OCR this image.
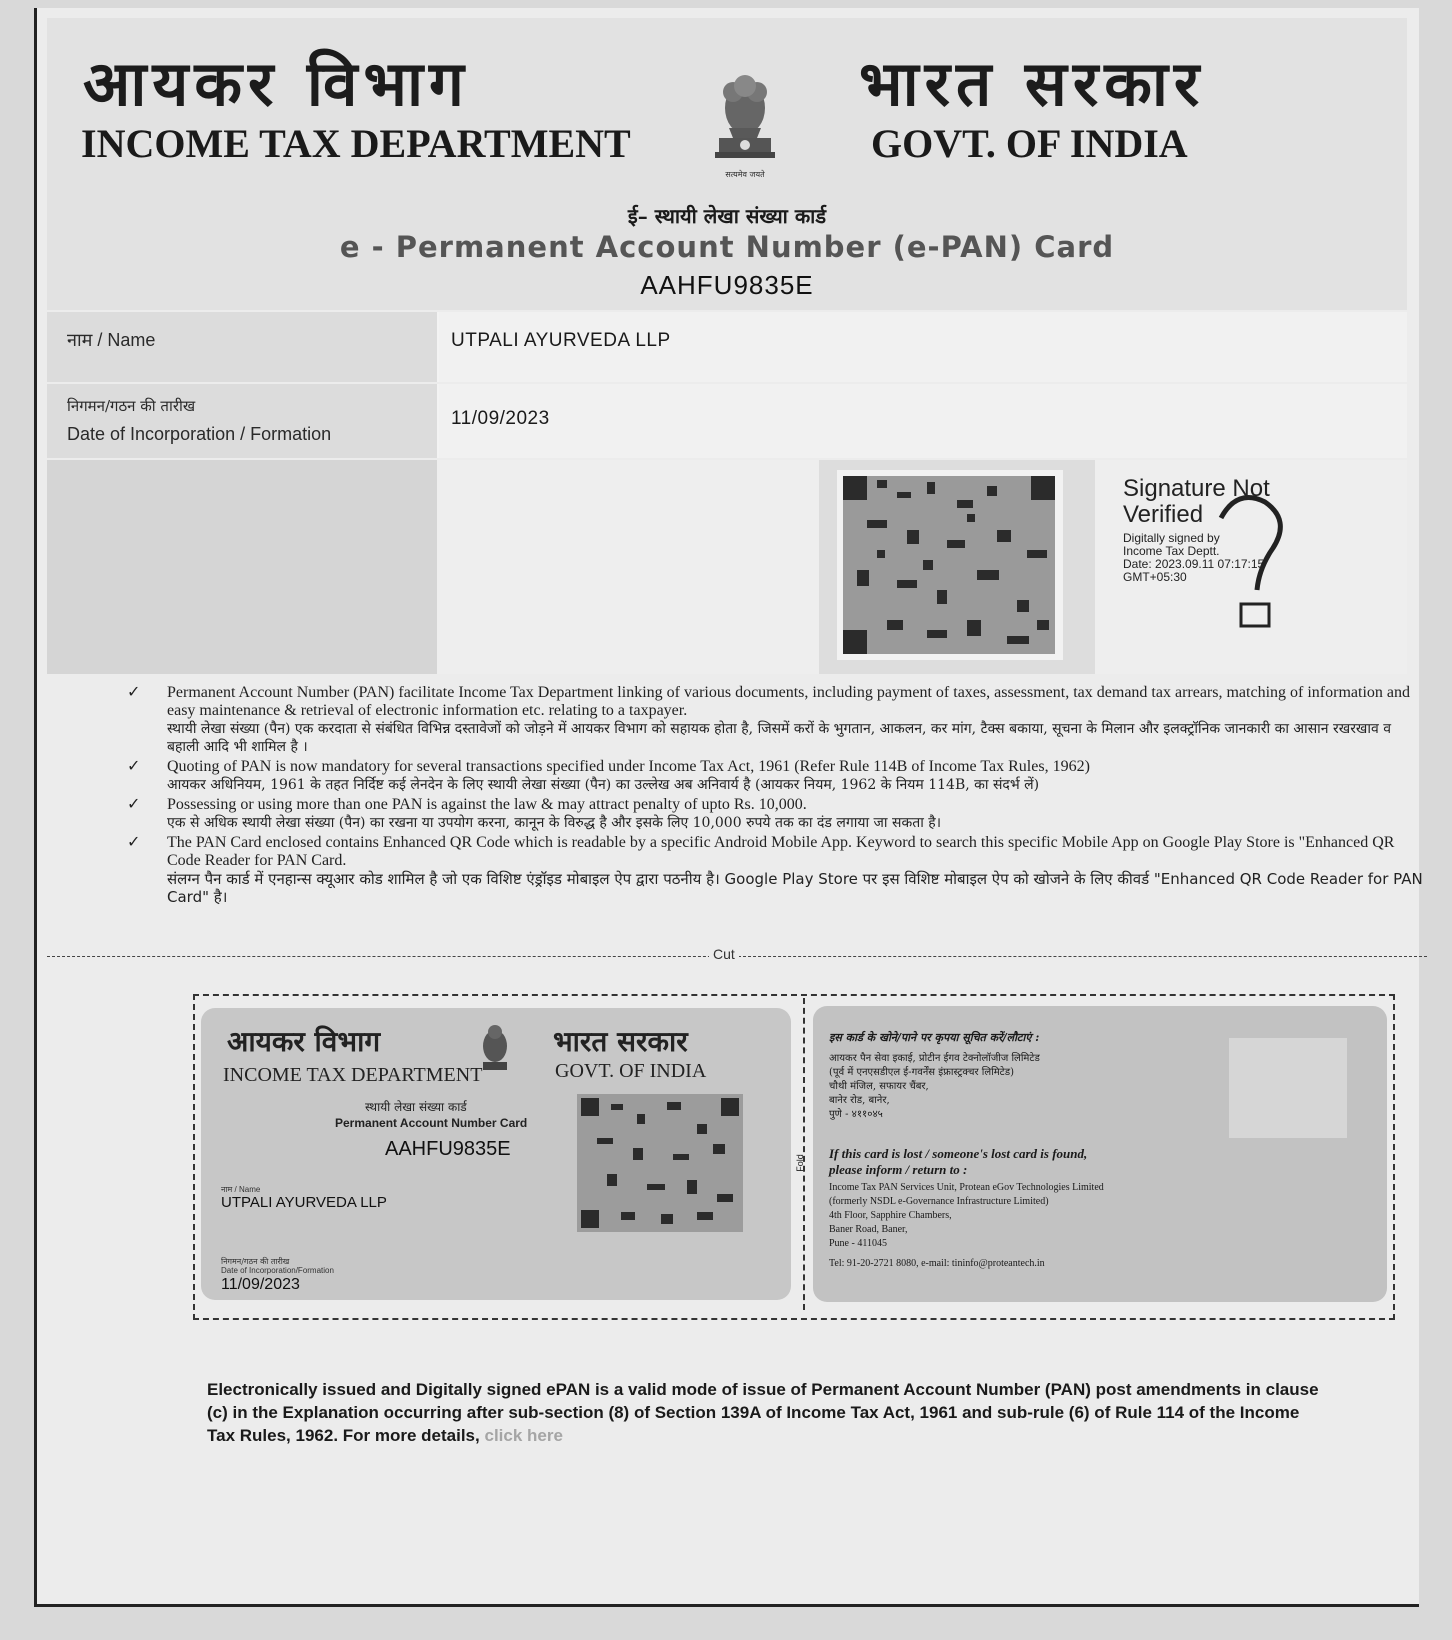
आयकर विभाग
INCOME TAX DEPARTMENT
भारत सरकार
GOVT. OF INDIA
सत्यमेव जयते
ई– स्थायी लेखा संख्या कार्ड
e - Permanent Account Number (e-PAN) Card
AAHFU9835E
नाम / Name	UTPALI AYURVEDA LLP
निगमन/गठन की तारीख
Date of Incorporation / Formation
11/09/2023
Signature Not Verified
Digitally signed by
Income Tax Deptt.
Date: 2023.09.11 07:17:15
GMT+05:30
✓ Permanent Account Number (PAN) facilitate Income Tax Department linking of various documents, including payment of taxes, assessment, tax demand tax arrears, matching of information and easy maintenance & retrieval of electronic information etc. relating to a taxpayer.
स्थायी लेखा संख्या (पैन) एक करदाता से संबंधित विभिन्न दस्तावेजों को जोड़ने में आयकर विभाग को सहायक होता है, जिसमें करों के भुगतान, आकलन, कर मांग, टैक्स बकाया, सूचना के मिलान और इलक्ट्रॉनिक जानकारी का आसान रखरखाव व बहाली आदि भी शामिल है ।
✓ Quoting of PAN is now mandatory for several transactions specified under Income Tax Act, 1961 (Refer Rule 114B of Income Tax Rules, 1962)
आयकर अधिनियम, 1961 के तहत निर्दिष्ट कई लेनदेन के लिए स्थायी लेखा संख्या (पैन) का उल्लेख अब अनिवार्य है (आयकर नियम, 1962 के नियम 114B, का संदर्भ लें)
✓ Possessing or using more than one PAN is against the law & may attract penalty of upto Rs. 10,000.
एक से अधिक स्थायी लेखा संख्या (पैन) का रखना या उपयोग करना, कानून के विरुद्ध है और इसके लिए 10,000 रुपये तक का दंड लगाया जा सकता है।
✓ The PAN Card enclosed contains Enhanced QR Code which is readable by a specific Android Mobile App. Keyword to search this specific Mobile App on Google Play Store is "Enhanced QR Code Reader for PAN Card.
संलग्न पैन कार्ड में एनहान्स क्यूआर कोड शामिल है जो एक विशिष्ट एंड्रॉइड मोबाइल ऐप द्वारा पठनीय है। Google Play Store पर इस विशिष्ट मोबाइल ऐप को खोजने के लिए कीवर्ड "Enhanced QR Code Reader for PAN Card" है।
Cut
Fold
आयकर विभाग
INCOME TAX DEPARTMENT
भारत सरकार
GOVT. OF INDIA
स्थायी लेखा संख्या कार्ड
Permanent Account Number Card
AAHFU9835E
नाम / Name
UTPALI AYURVEDA LLP
निगमन/गठन की तारीख
Date of Incorporation/Formation
11/09/2023
इस कार्ड के खोने/पाने पर कृपया सूचित करें/लौटाएं :
आयकर पैन सेवा इकाई, प्रोटीन ईगव टेक्नोलॉजीज लिमिटेड
(पूर्व में एनएसडीएल ई-गवर्नेंस इंफ्रास्ट्रक्चर लिमिटेड)
चौथी मंजिल, सफायर चैंबर,
बानेर रोड, बानेर,
पुणे - ४११०४५
If this card is lost / someone's lost card is found,
please inform / return to :
Income Tax PAN Services Unit, Protean eGov Technologies Limited
(formerly NSDL e-Governance Infrastructure Limited)
4th Floor, Sapphire Chambers,
Baner Road, Baner,
Pune - 411045
Tel: 91-20-2721 8080, e-mail: tininfo@proteantech.in
Electronically issued and Digitally signed ePAN is a valid mode of issue of Permanent Account Number (PAN) post amendments in clause (c) in the Explanation occurring after sub-section (8) of Section 139A of Income Tax Act, 1961 and sub-rule (6) of Rule 114 of the Income Tax Rules, 1962. For more details, click here
